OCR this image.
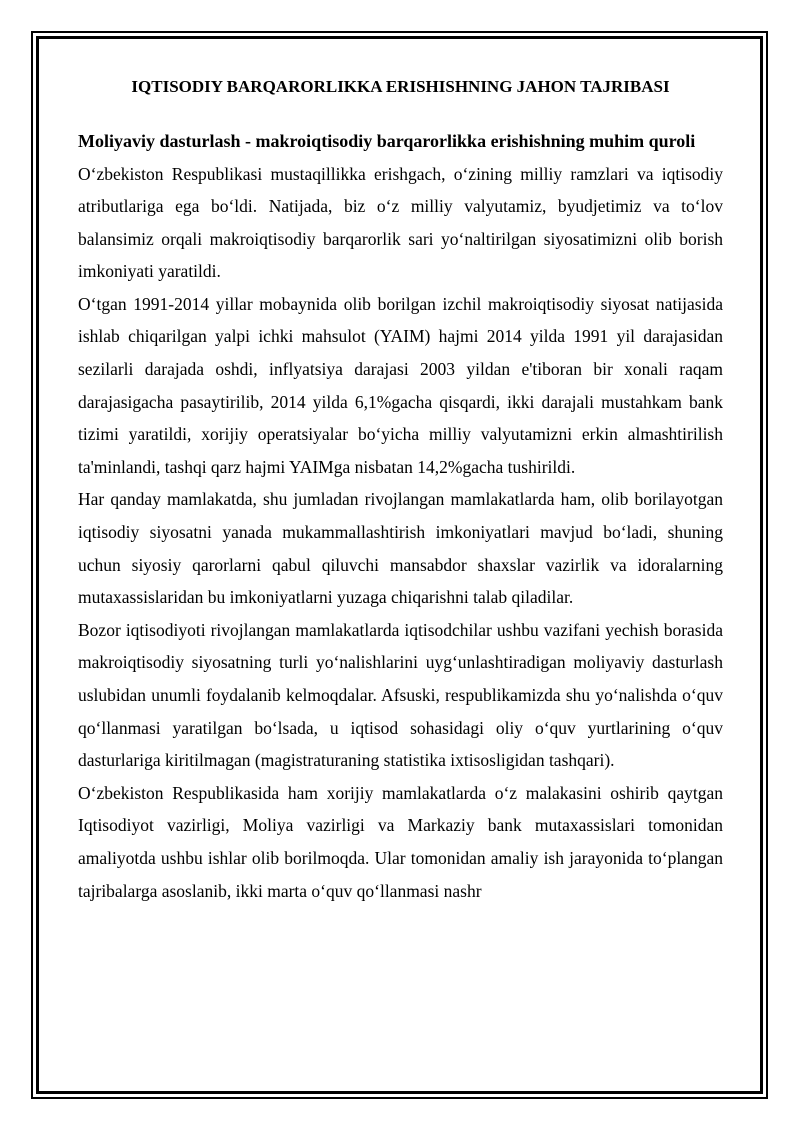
IQTISODIY BARQARORLIKKA ERISHISHNING JAHON TAJRIBASI
Moliyaviy dasturlash - makroiqtisodiy barqarorlikka erishishning muhim quroli

O‘zbekiston Respublikasi mustaqillikka erishgach, o‘zining milliy ramzlari va iqtisodiy atributlariga ega bo‘ldi. Natijada, biz o‘z milliy valyutamiz, byudjetimiz va to‘lov balansimiz orqali makroiqtisodiy barqarorlik sari yo‘naltirilgan siyosatimizni olib borish imkoniyati yaratildi.

O‘tgan 1991-2014 yillar mobaynida olib borilgan izchil makroiqtisodiy siyosat natijasida ishlab chiqarilgan yalpi ichki mahsulot (YAIM) hajmi 2014 yilda 1991 yil darajasidan sezilarli darajada oshdi, inflyatsiya darajasi 2003 yildan e'tiboran bir xonali raqam darajasigacha pasaytirilib, 2014 yilda 6,1%gacha qisqardi, ikki darajali mustahkam bank tizimi yaratildi, xorijiy operatsiyalar bo‘yicha milliy valyutamizni erkin almashtirilish ta'minlandi, tashqi qarz hajmi YAIMga nisbatan 14,2%gacha tushirildi.

Har qanday mamlakatda, shu jumladan rivojlangan mamlakatlarda ham, olib borilayotgan iqtisodiy siyosatni yanada mukammallashtirish imkoniyatlari mavjud bo‘ladi, shuning uchun siyosiy qarorlarni qabul qiluvchi mansabdor shaxslar vazirlik va idoralarning mutaxassislaridan bu imkoniyatlarni yuzaga chiqarishni talab qiladilar.

Bozor iqtisodiyoti rivojlangan mamlakatlarda iqtisodchilar ushbu vazifani yechish borasida makroiqtisodiy siyosatning turli yo‘nalishlarini uyg‘unlashtiradigan moliyaviy dasturlash uslubidan unumli foydalanib kelmoqdalar. Afsuski, respublikamizda shu yo‘nalishda o‘quv qo‘llanmasi yaratilgan bo‘lsada, u iqtisod sohasidagi oliy o‘quv yurtlarining o‘quv dasturlariga kiritilmagan (magistraturaning statistika ixtisosligidan tashqari).

O‘zbekiston Respublikasida ham xorijiy mamlakatlarda o‘z malakasini oshirib qaytgan Iqtisodiyot vazirligi, Moliya vazirligi va Markaziy bank mutaxassislari tomonidan amaliyotda ushbu ishlar olib borilmoqda. Ular tomonidan amaliy ish jarayonida to‘plangan tajribalarga asoslanib, ikki marta o‘quv qo‘llanmasi nashr
